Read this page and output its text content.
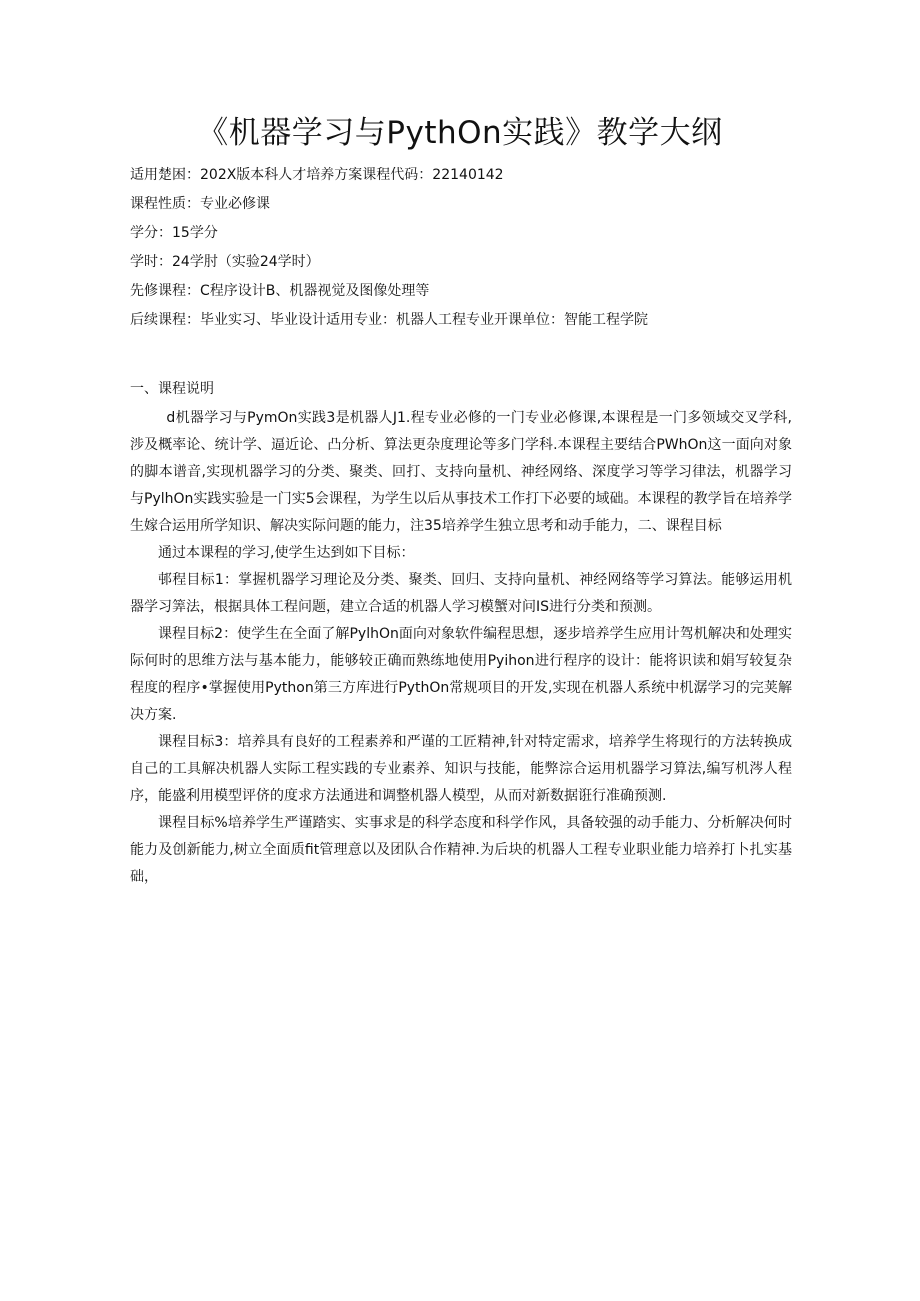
《机器学习与PythOn实践》教学大纲
适用楚困：202X版本科人才培养方案课程代码：22140142
课程性质：专业必修课
学分：15学分
学时：24学肘（实验24学时）
先修课程：C程序设计B、机器视觉及图像处理等
后续课程：毕业实习、毕业设计适用专业：机器人工程专业开课单位：智能工程学院
一、课程说明

d机器学习与PymOn实践3是机器人J1.程专业必修的一门专业必修课,本课程是一门多领域交叉学科,涉及概率论、统计学、逼近论、凸分析、算法更杂度理论等多门学科.本课程主要结合PWhOn这一面向对象的脚本谱音,实现机器学习的分类、聚类、回打、支持向量机、神经网络、深度学习等学习律法，机器学习与PylhOn实践实验是一门实5会课程，为学生以后从事技术工作打下必要的域础。本课程的教学旨在培养学生嫁合运用所学知识、解决实际问题的能力，注35培养学生独立思考和动手能力，二、课程目标

通过本课程的学习,使学生达到如下目标：

邨程目标1：掌握机器学习理论及分类、聚类、回归、支持向量机、神经网络等学习算法。能够运用机器学习筭法，根据具体工程问题，建立合适的机器人学习模蟹对问IS进行分类和预测。

课程目标2：使学生在全面了解PylhOn面向对象软件编程思想，逐步培养学生应用计驾机解决和处理实际何时的思维方法与基本能力，能够较正确而熟练地使用Pyihon进行程序的设计：能将识读和娟写较复杂程度的程序•掌握使用Python第三方库进行PythOn常规项目的开发,实现在机器人系统中机潺学习的完荚解决方案.

课程目标3：培养具有良好的工程素养和严谨的工匠精神,针对特定需求，培养学生将现行的方法转换成自己的工具解决机器人实际工程实践的专业素养、知识与技能，能弊淙合运用机器学习算法,编写机涔人程序，能盛利用模型评侪的度求方法通进和调整机器人模型，从而对新数据诳行准确预测.

课程目标%培养学生严谨踏实、实事求是的科学态度和科学作风，具备较强的动手能力、分析解决何时能力及创新能力,树立全面质fit管理意以及团队合作精神.为后块的机器人工程专业职业能力培养打卜扎实基础，
